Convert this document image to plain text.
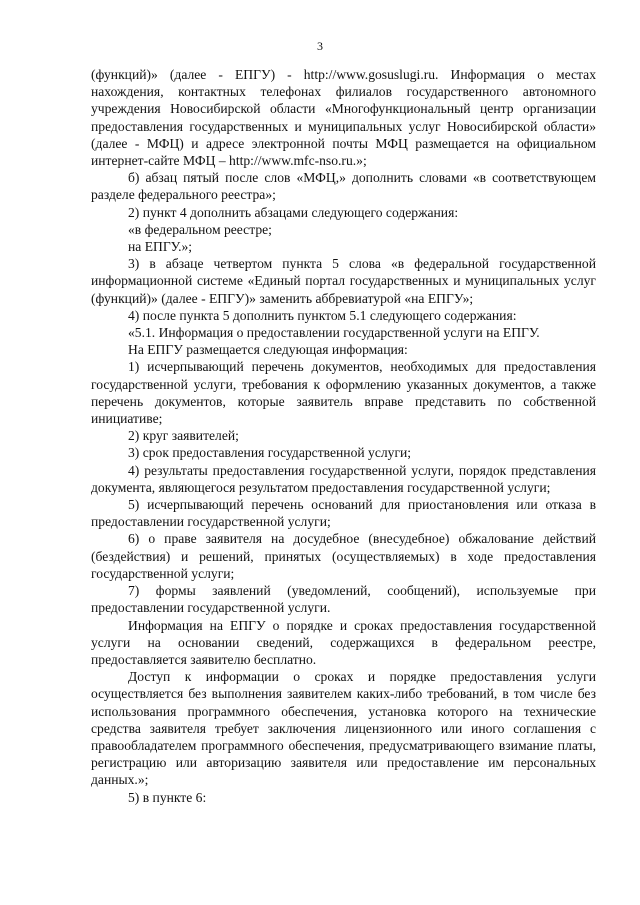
3

(функций)» (далее - ЕПГУ) - http://www.gosuslugi.ru. Информация о местах нахождения, контактных телефонах филиалов государственного автономного учреждения Новосибирской области «Многофункциональный центр организации предоставления государственных и муниципальных услуг Новосибирской области» (далее - МФЦ) и адресе электронной почты МФЦ размещается на официальном интернет-сайте МФЦ – http://www.mfc-nso.ru.»;

б) абзац пятый после слов «МФЦ,» дополнить словами «в соответствующем разделе федерального реестра»;

2) пункт 4 дополнить абзацами следующего содержания:

«в федеральном реестре;

на ЕПГУ.»;

3) в абзаце четвертом пункта 5 слова «в федеральной государственной информационной системе «Единый портал государственных и муниципальных услуг (функций)» (далее - ЕПГУ)» заменить аббревиатурой «на ЕПГУ»;

4) после пункта 5 дополнить пунктом 5.1 следующего содержания:

«5.1. Информация о предоставлении государственной услуги на ЕПГУ.

На ЕПГУ размещается следующая информация:

1) исчерпывающий перечень документов, необходимых для предоставления государственной услуги, требования к оформлению указанных документов, а также перечень документов, которые заявитель вправе представить по собственной инициативе;

2) круг заявителей;

3) срок предоставления государственной услуги;

4) результаты предоставления государственной услуги, порядок представления документа, являющегося результатом предоставления государственной услуги;

5) исчерпывающий перечень оснований для приостановления или отказа в предоставлении государственной услуги;

6) о праве заявителя на досудебное (внесудебное) обжалование действий (бездействия) и решений, принятых (осуществляемых) в ходе предоставления государственной услуги;

7) формы заявлений (уведомлений, сообщений), используемые при предоставлении государственной услуги.

Информация на ЕПГУ о порядке и сроках предоставления государственной услуги на основании сведений, содержащихся в федеральном реестре, предоставляется заявителю бесплатно.

Доступ к информации о сроках и порядке предоставления услуги осуществляется без выполнения заявителем каких-либо требований, в том числе без использования программного обеспечения, установка которого на технические средства заявителя требует заключения лицензионного или иного соглашения с правообладателем программного обеспечения, предусматривающего взимание платы, регистрацию или авторизацию заявителя или предоставление им персональных данных.»;

5) в пункте 6:
